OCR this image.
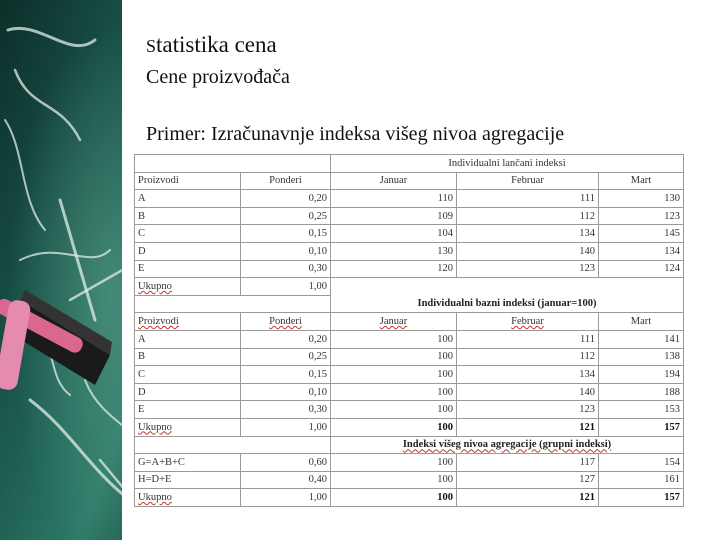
Statistika cena
Cene proizvođača
Primer: Izračunavnje indeksa višeg nivoa agregacije
		Individualni lančani indeksi		
Proizvodi	Ponderi	Januar	Februar	Mart
A	0,20	110	111	130
B	0,25	109	112	123
C	0,15	104	134	145
D	0,10	130	140	134
E	0,30	120	123	124
Ukupno	1,00			
		Individualni bazni indeksi (januar=100)		
Proizvodi	Ponderi	Januar	Februar	Mart
A	0,20	100	111	141
B	0,25	100	112	138
C	0,15	100	134	194
D	0,10	100	140	188
E	0,30	100	123	153
Ukupno	1,00	100	121	157
		Indeksi višeg nivoa agregacije (grupni indeksi)		
G=A+B+C	0,60	100	117	154
H=D+E	0,40	100	127	161
Ukupno	1,00	100	121	157
